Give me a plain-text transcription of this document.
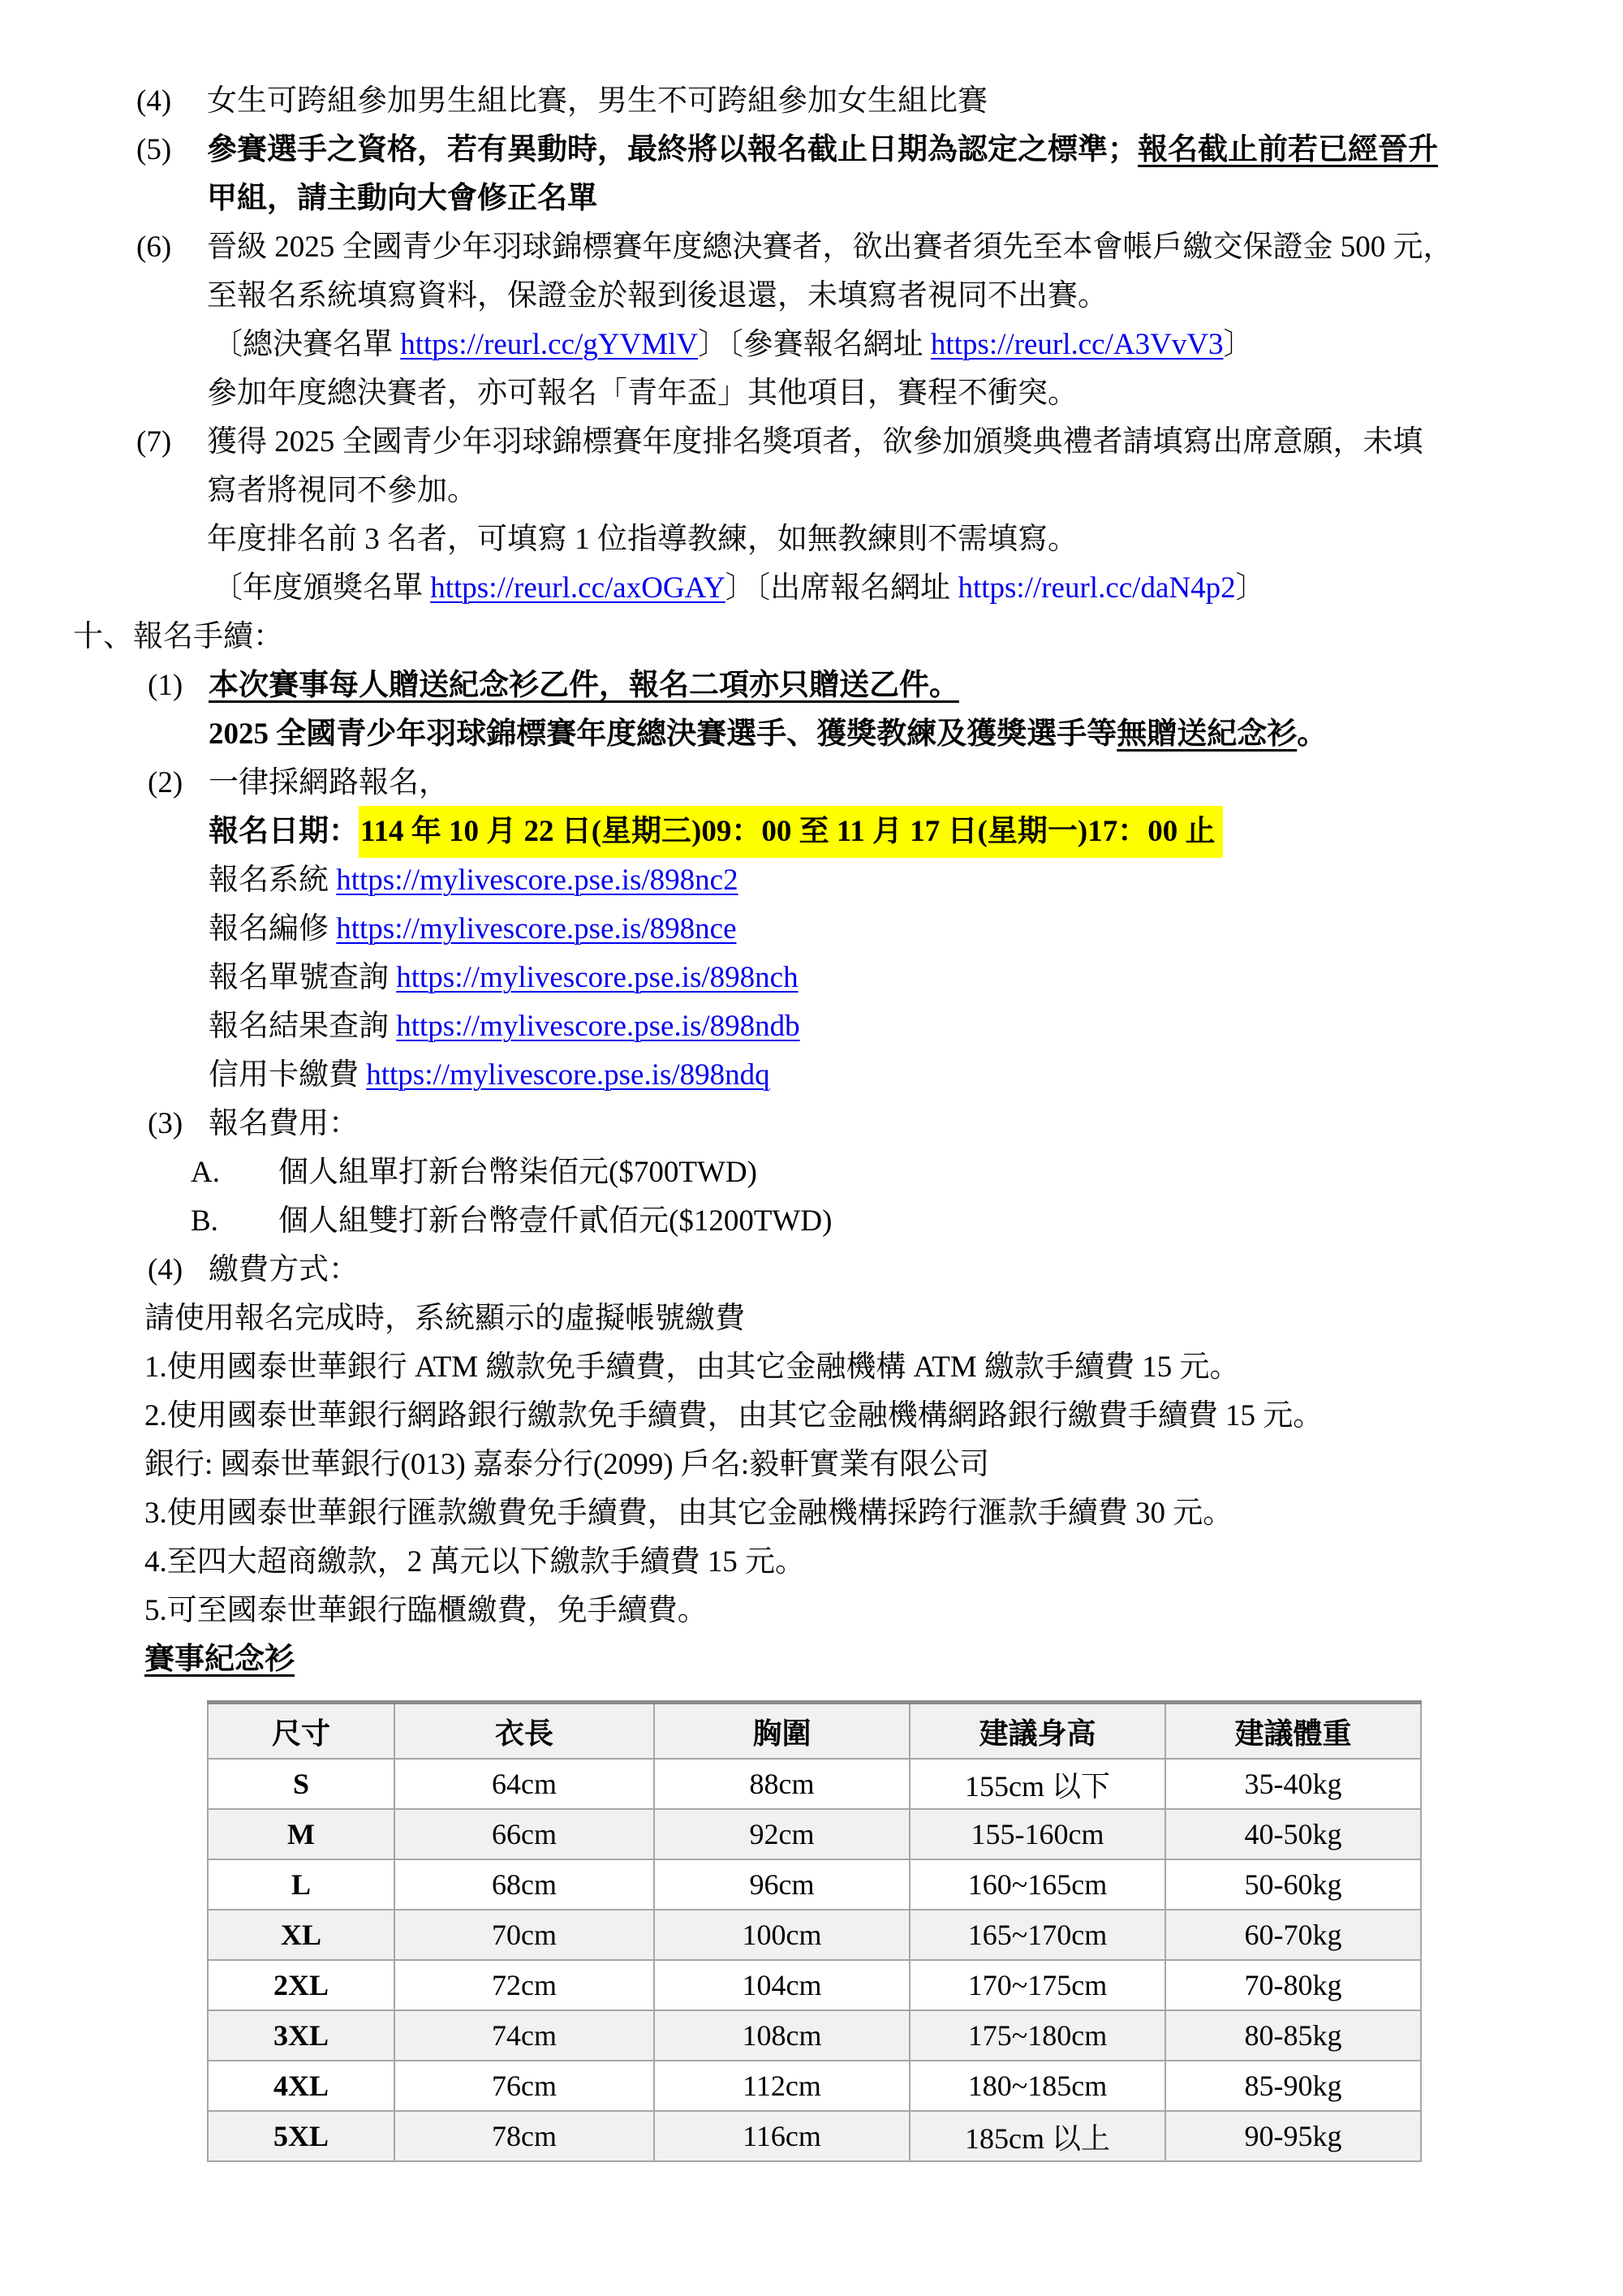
(4) 女生可跨組參加男生組比賽，男生不可跨組參加女生組比賽
(5) 參賽選手之資格，若有異動時，最終將以報名截止日期為認定之標準；報名截止前若已經晉升
甲組，請主動向大會修正名單
(6) 晉級 2025 全國青少年羽球錦標賽年度總決賽者，欲出賽者須先至本會帳戶繳交保證金 500 元，
至報名系統填寫資料，保證金於報到後退還，未填寫者視同不出賽。
〔總決賽名單 https://reurl.cc/gYVMlV〕〔參賽報名網址 https://reurl.cc/A3VvV3〕
參加年度總決賽者，亦可報名「青年盃」其他項目，賽程不衝突。
(7) 獲得 2025 全國青少年羽球錦標賽年度排名獎項者，欲參加頒獎典禮者請填寫出席意願，未填
寫者將視同不參加。
年度排名前 3 名者，可填寫 1 位指導教練，如無教練則不需填寫。
〔年度頒獎名單 https://reurl.cc/axOGAY〕〔出席報名網址 https://reurl.cc/daN4p2〕
十、報名手續：
(1) 本次賽事每人贈送紀念衫乙件，報名二項亦只贈送乙件。
2025 全國青少年羽球錦標賽年度總決賽選手、獲獎教練及獲獎選手等無贈送紀念衫。
(2) 一律採網路報名，
報名日期：114 年 10 月 22 日(星期三)09：00 至 11 月 17 日(星期一)17：00 止
報名系統 https://mylivescore.pse.is/898nc2
報名編修 https://mylivescore.pse.is/898nce
報名單號查詢 https://mylivescore.pse.is/898nch
報名結果查詢 https://mylivescore.pse.is/898ndb
信用卡繳費 https://mylivescore.pse.is/898ndq
(3) 報名費用：
A. 個人組單打新台幣柒佰元($700TWD)
B. 個人組雙打新台幣壹仟貳佰元($1200TWD)
(4) 繳費方式：
請使用報名完成時，系統顯示的虛擬帳號繳費
1.使用國泰世華銀行 ATM 繳款免手續費，由其它金融機構 ATM 繳款手續費 15 元。
2.使用國泰世華銀行網路銀行繳款免手續費，由其它金融機構網路銀行繳費手續費 15 元。
銀行: 國泰世華銀行(013) 嘉泰分行(2099) 戶名:毅軒實業有限公司
3.使用國泰世華銀行匯款繳費免手續費，由其它金融機構採跨行滙款手續費 30 元。
4.至四大超商繳款，2 萬元以下繳款手續費 15 元。
5.可至國泰世華銀行臨櫃繳費，免手續費。
賽事紀念衫
尺寸	衣長	胸圍	建議身高	建議體重
S	64cm	88cm	155cm 以下	35-40kg
M	66cm	92cm	155-160cm	40-50kg
L	68cm	96cm	160~165cm	50-60kg
XL	70cm	100cm	165~170cm	60-70kg
2XL	72cm	104cm	170~175cm	70-80kg
3XL	74cm	108cm	175~180cm	80-85kg
4XL	76cm	112cm	180~185cm	85-90kg
5XL	78cm	116cm	185cm 以上	90-95kg
